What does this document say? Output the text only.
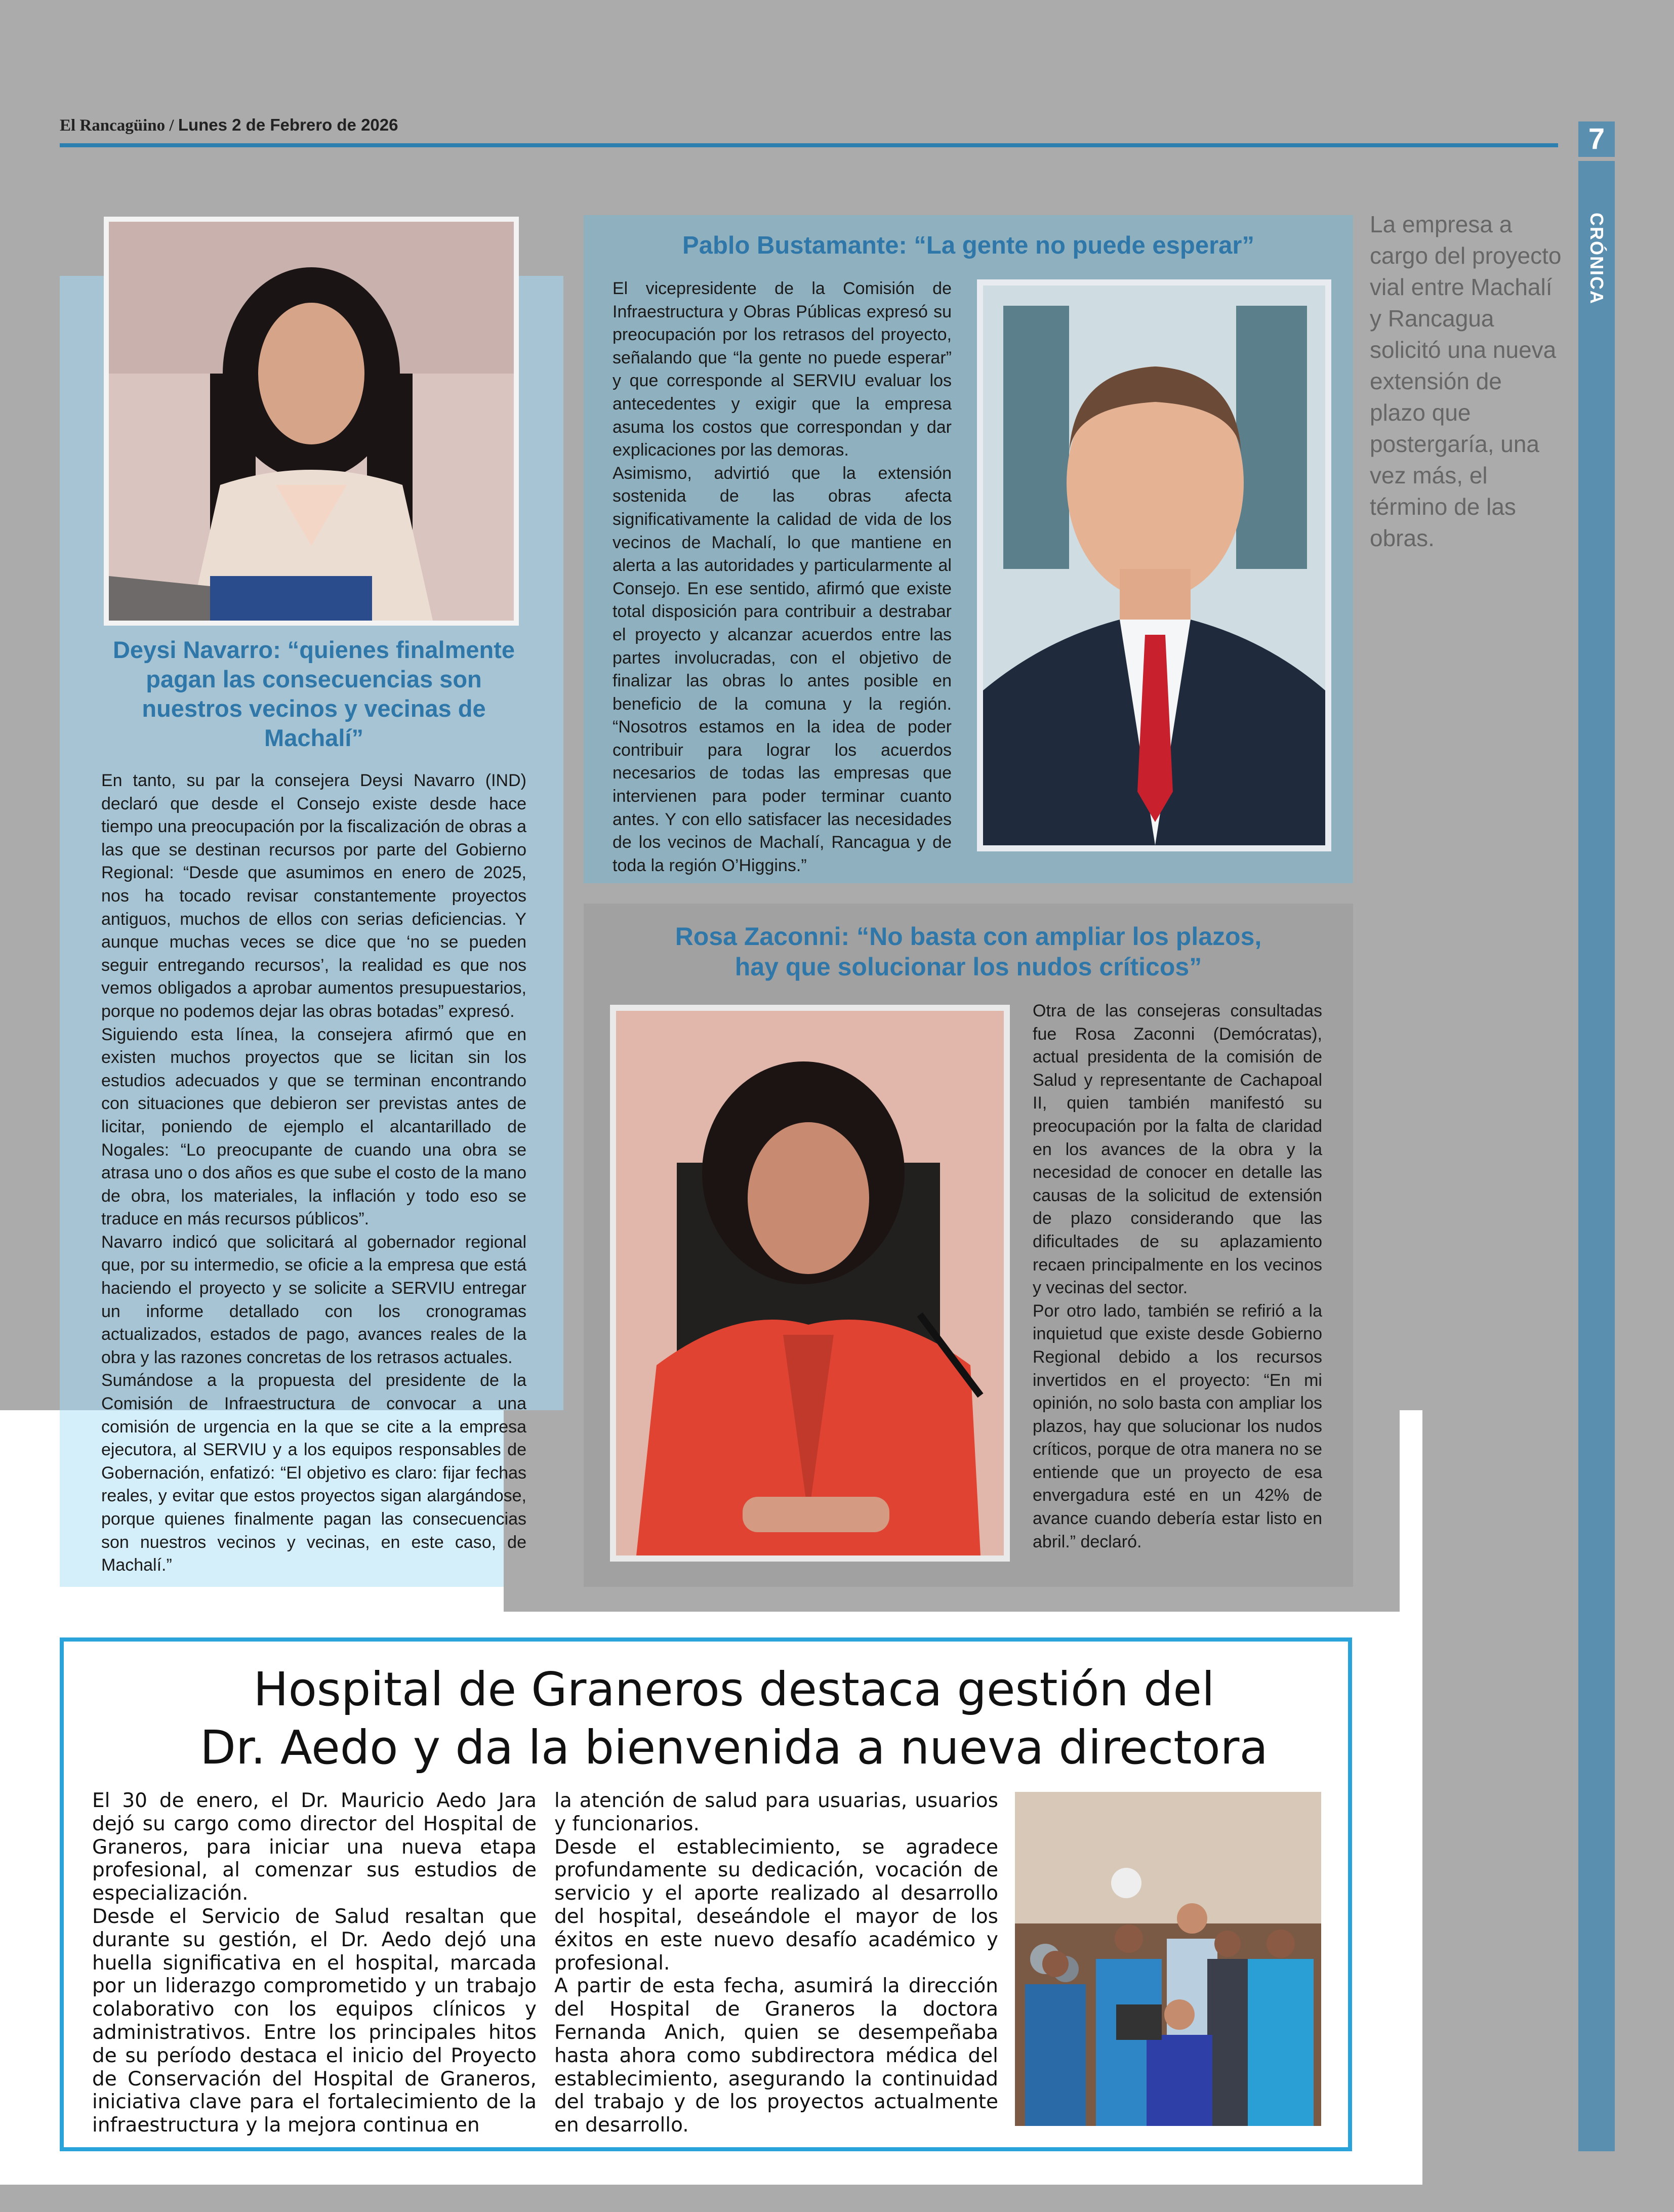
El Rancagüino / Lunes 2 de Febrero de 2026	7
CRÓNICA
La empresa a cargo del proyecto vial entre Machalí y Rancagua solicitó una nueva extensión de plazo que postergaría, una vez más, el término de las obras.
Deysi Navarro: “quienes finalmente pagan las consecuencias son nuestros vecinos y vecinas de Machalí”

En tanto, su par la consejera Deysi Navarro (IND) declaró que desde el Consejo existe desde hace tiempo una preocupación por la fiscalización de obras a las que se destinan recursos por parte del Gobierno Regional: “Desde que asumimos en enero de 2025, nos ha tocado revisar constantemente proyectos antiguos, muchos de ellos con serias deficiencias. Y aunque muchas veces se dice que ‘no se pueden seguir entregando recursos’, la realidad es que nos vemos obligados a aprobar aumentos presupuestarios, porque no podemos dejar las obras botadas” expresó.

Siguiendo esta línea, la consejera afirmó que en existen muchos proyectos que se licitan sin los estudios adecuados y que se terminan encontrando con situaciones que debieron ser previstas antes de licitar, poniendo de ejemplo el alcantarillado de Nogales: “Lo preocupante de cuando una obra se atrasa uno o dos años es que sube el costo de la mano de obra, los materiales, la inflación y todo eso se traduce en más recursos públicos”.

Navarro indicó que solicitará al gobernador regional que, por su intermedio, se oficie a la empresa que está haciendo el proyecto y se solicite a SERVIU entregar un informe detallado con los cronogramas actualizados, estados de pago, avances reales de la obra y las razones concretas de los retrasos actuales.

Sumándose a la propuesta del presidente de la Comisión de Infraestructura de convocar a una comisión de urgencia en la que se cite a la empresa ejecutora, al SERVIU y a los equipos responsables de Gobernación, enfatizó: “El objetivo es claro: fijar fechas reales, y evitar que estos proyectos sigan alargándose, porque quienes finalmente pagan las consecuencias son nuestros vecinos y vecinas, en este caso, de Machalí.”

Pablo Bustamante: “La gente no puede esperar”

El vicepresidente de la Comisión de Infraestructura y Obras Públicas expresó su preocupación por los retrasos del proyecto, señalando que “la gente no puede esperar” y que corresponde al SERVIU evaluar los antecedentes y exigir que la empresa asuma los costos que correspondan y dar explicaciones por las demoras.

Asimismo, advirtió que la extensión sostenida de las obras afecta significativamente la calidad de vida de los vecinos de Machalí, lo que mantiene en alerta a las autoridades y particularmente al Consejo. En ese sentido, afirmó que existe total disposición para contribuir a destrabar el proyecto y alcanzar acuerdos entre las partes involucradas, con el objetivo de finalizar las obras lo antes posible en beneficio de la comuna y la región. “Nosotros estamos en la idea de poder contribuir para lograr los acuerdos necesarios de todas las empresas que intervienen para poder terminar cuanto antes. Y con ello satisfacer las necesidades de los vecinos de Machalí, Rancagua y de toda la región O’Higgins.”

Rosa Zaconni: “No basta con ampliar los plazos,
hay que solucionar los nudos críticos”

Otra de las consejeras consultadas fue Rosa Zaconni (Demócratas), actual presidenta de la comisión de Salud y representante de Cachapoal II, quien también manifestó su preocupación por la falta de claridad en los avances de la obra y la necesidad de conocer en detalle las causas de la solicitud de extensión de plazo considerando que las dificultades de su aplazamiento recaen principalmente en los vecinos y vecinas del sector.

Por otro lado, también se refirió a la inquietud que existe desde Gobierno Regional debido a los recursos invertidos en el proyecto: “En mi opinión, no solo basta con ampliar los plazos, hay que solucionar los nudos críticos, porque de otra manera no se entiende que un proyecto de esa envergadura esté en un 42% de avance cuando debería estar listo en abril.” declaró.

Hospital de Graneros destaca gestión del
Dr. Aedo y da la bienvenida a nueva directora

El 30 de enero, el Dr. Mauricio Aedo Jara dejó su cargo como director del Hospital de Graneros, para iniciar una nueva etapa profesional, al comenzar sus estudios de especialización.

Desde el Servicio de Salud resaltan que durante su gestión, el Dr. Aedo dejó una huella significativa en el hospital, marcada por un liderazgo comprometido y un trabajo colaborativo con los equipos clínicos y administrativos. Entre los principales hitos de su período destaca el inicio del Proyecto de Conservación del Hospital de Graneros, iniciativa clave para el fortalecimiento de la infraestructura y la mejora continua en

la atención de salud para usuarias, usuarios y funcionarios.

Desde el establecimiento, se agradece profundamente su dedicación, vocación de servicio y el aporte realizado al desarrollo del hospital, deseándole el mayor de los éxitos en este nuevo desafío académico y profesional.

A partir de esta fecha, asumirá la dirección del Hospital de Graneros la doctora Fernanda Anich, quien se desempeñaba hasta ahora como subdirectora médica del establecimiento, asegurando la continuidad del trabajo y de los proyectos actualmente en desarrollo.
